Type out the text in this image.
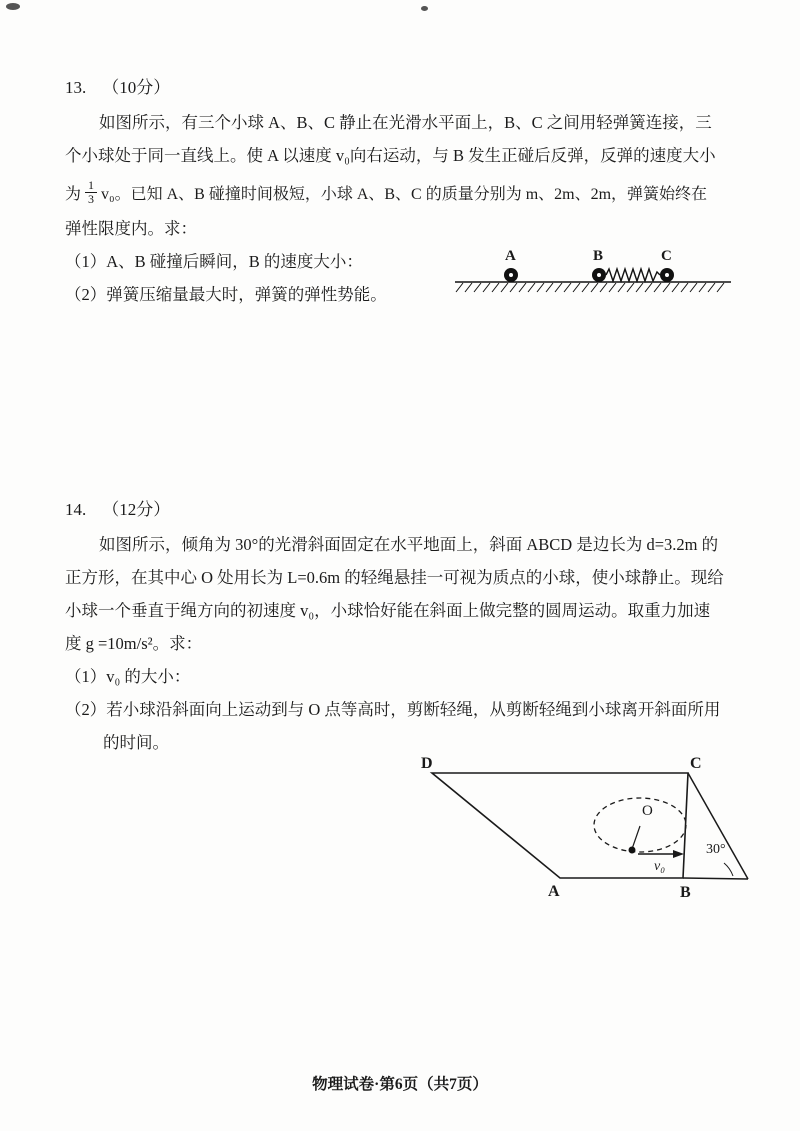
13. （10分）
如图所示，有三个小球 A、B、C 静止在光滑水平面上，B、C 之间用轻弹簧连接，三
个小球处于同一直线上。使 A 以速度 v₀向右运动，与 B 发生正碰后反弹，反弹的速度大小
为 $\frac{1}{3} v_0$。已知 A、B 碰撞时间极短，小球 A、B、C 的质量分别为 m、2m、2m，弹簧始终在
弹性限度内。求：
（1）A、B 碰撞后瞬间，B 的速度大小：
（2）弹簧压缩量最大时，弹簧的弹性势能。
A	B	C
14. （12分）
如图所示，倾角为 30°的光滑斜面固定在水平地面上，斜面 ABCD 是边长为 d=3.2m 的
正方形，在其中心 O 处用长为 L=0.6m 的轻绳悬挂一可视为质点的小球，使小球静止。现给
小球一个垂直于绳方向的初速度 v₀，小球恰好能在斜面上做完整的圆周运动。取重力加速
度 g =10m/s²。求：
（1）v₀ 的大小：
（2）若小球沿斜面向上运动到与 O 点等高时，剪断轻绳，从剪断轻绳到小球离开斜面所用
的时间。
30°
O
v₀
D	C
A	B
物理试卷·第6页（共7页）
